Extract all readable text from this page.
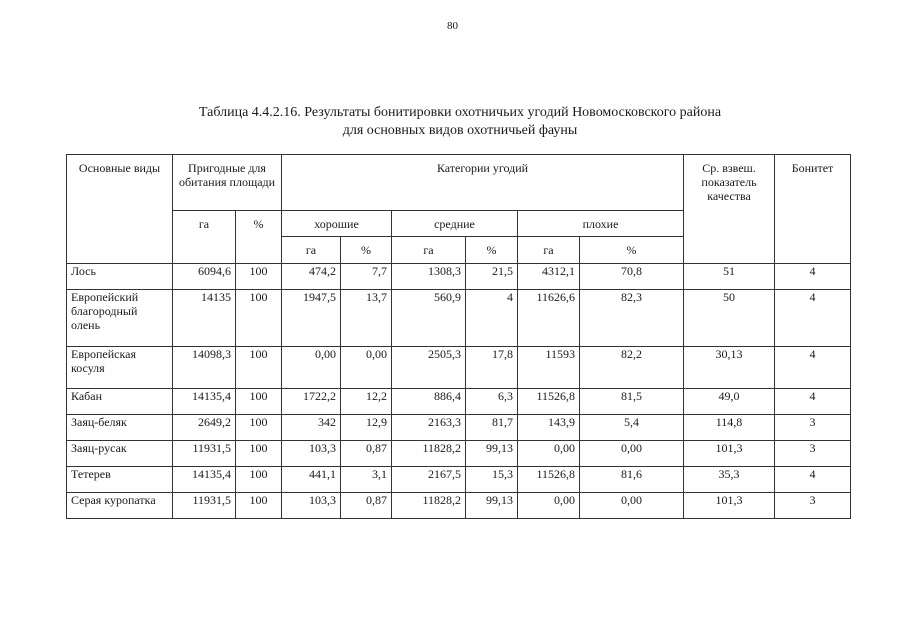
80
Таблица 4.4.2.16. Результаты бонитировки охотничьих угодий Новомосковского района
для основных видов охотничьей фауны
Основные виды	Пригодные для обитания площади		Категории угодий						Ср. взвеш. показатель качества	Бонитет
	га	%	хорошие		средние		плохие			
			га	%	га	%	га	%		
Лось	6094,6	100	474,2	7,7	1308,3	21,5	4312,1	70,8	51	4
Европейский благородный олень	14135	100	1947,5	13,7	560,9	4	11626,6	82,3	50	4
Европейская косуля	14098,3	100	0,00	0,00	2505,3	17,8	11593	82,2	30,13	4
Кабан	14135,4	100	1722,2	12,2	886,4	6,3	11526,8	81,5	49,0	4
Заяц-беляк	2649,2	100	342	12,9	2163,3	81,7	143,9	5,4	114,8	3
Заяц-русак	11931,5	100	103,3	0,87	11828,2	99,13	0,00	0,00	101,3	3
Тетерев	14135,4	100	441,1	3,1	2167,5	15,3	11526,8	81,6	35,3	4
Серая куропатка	11931,5	100	103,3	0,87	11828,2	99,13	0,00	0,00	101,3	3
